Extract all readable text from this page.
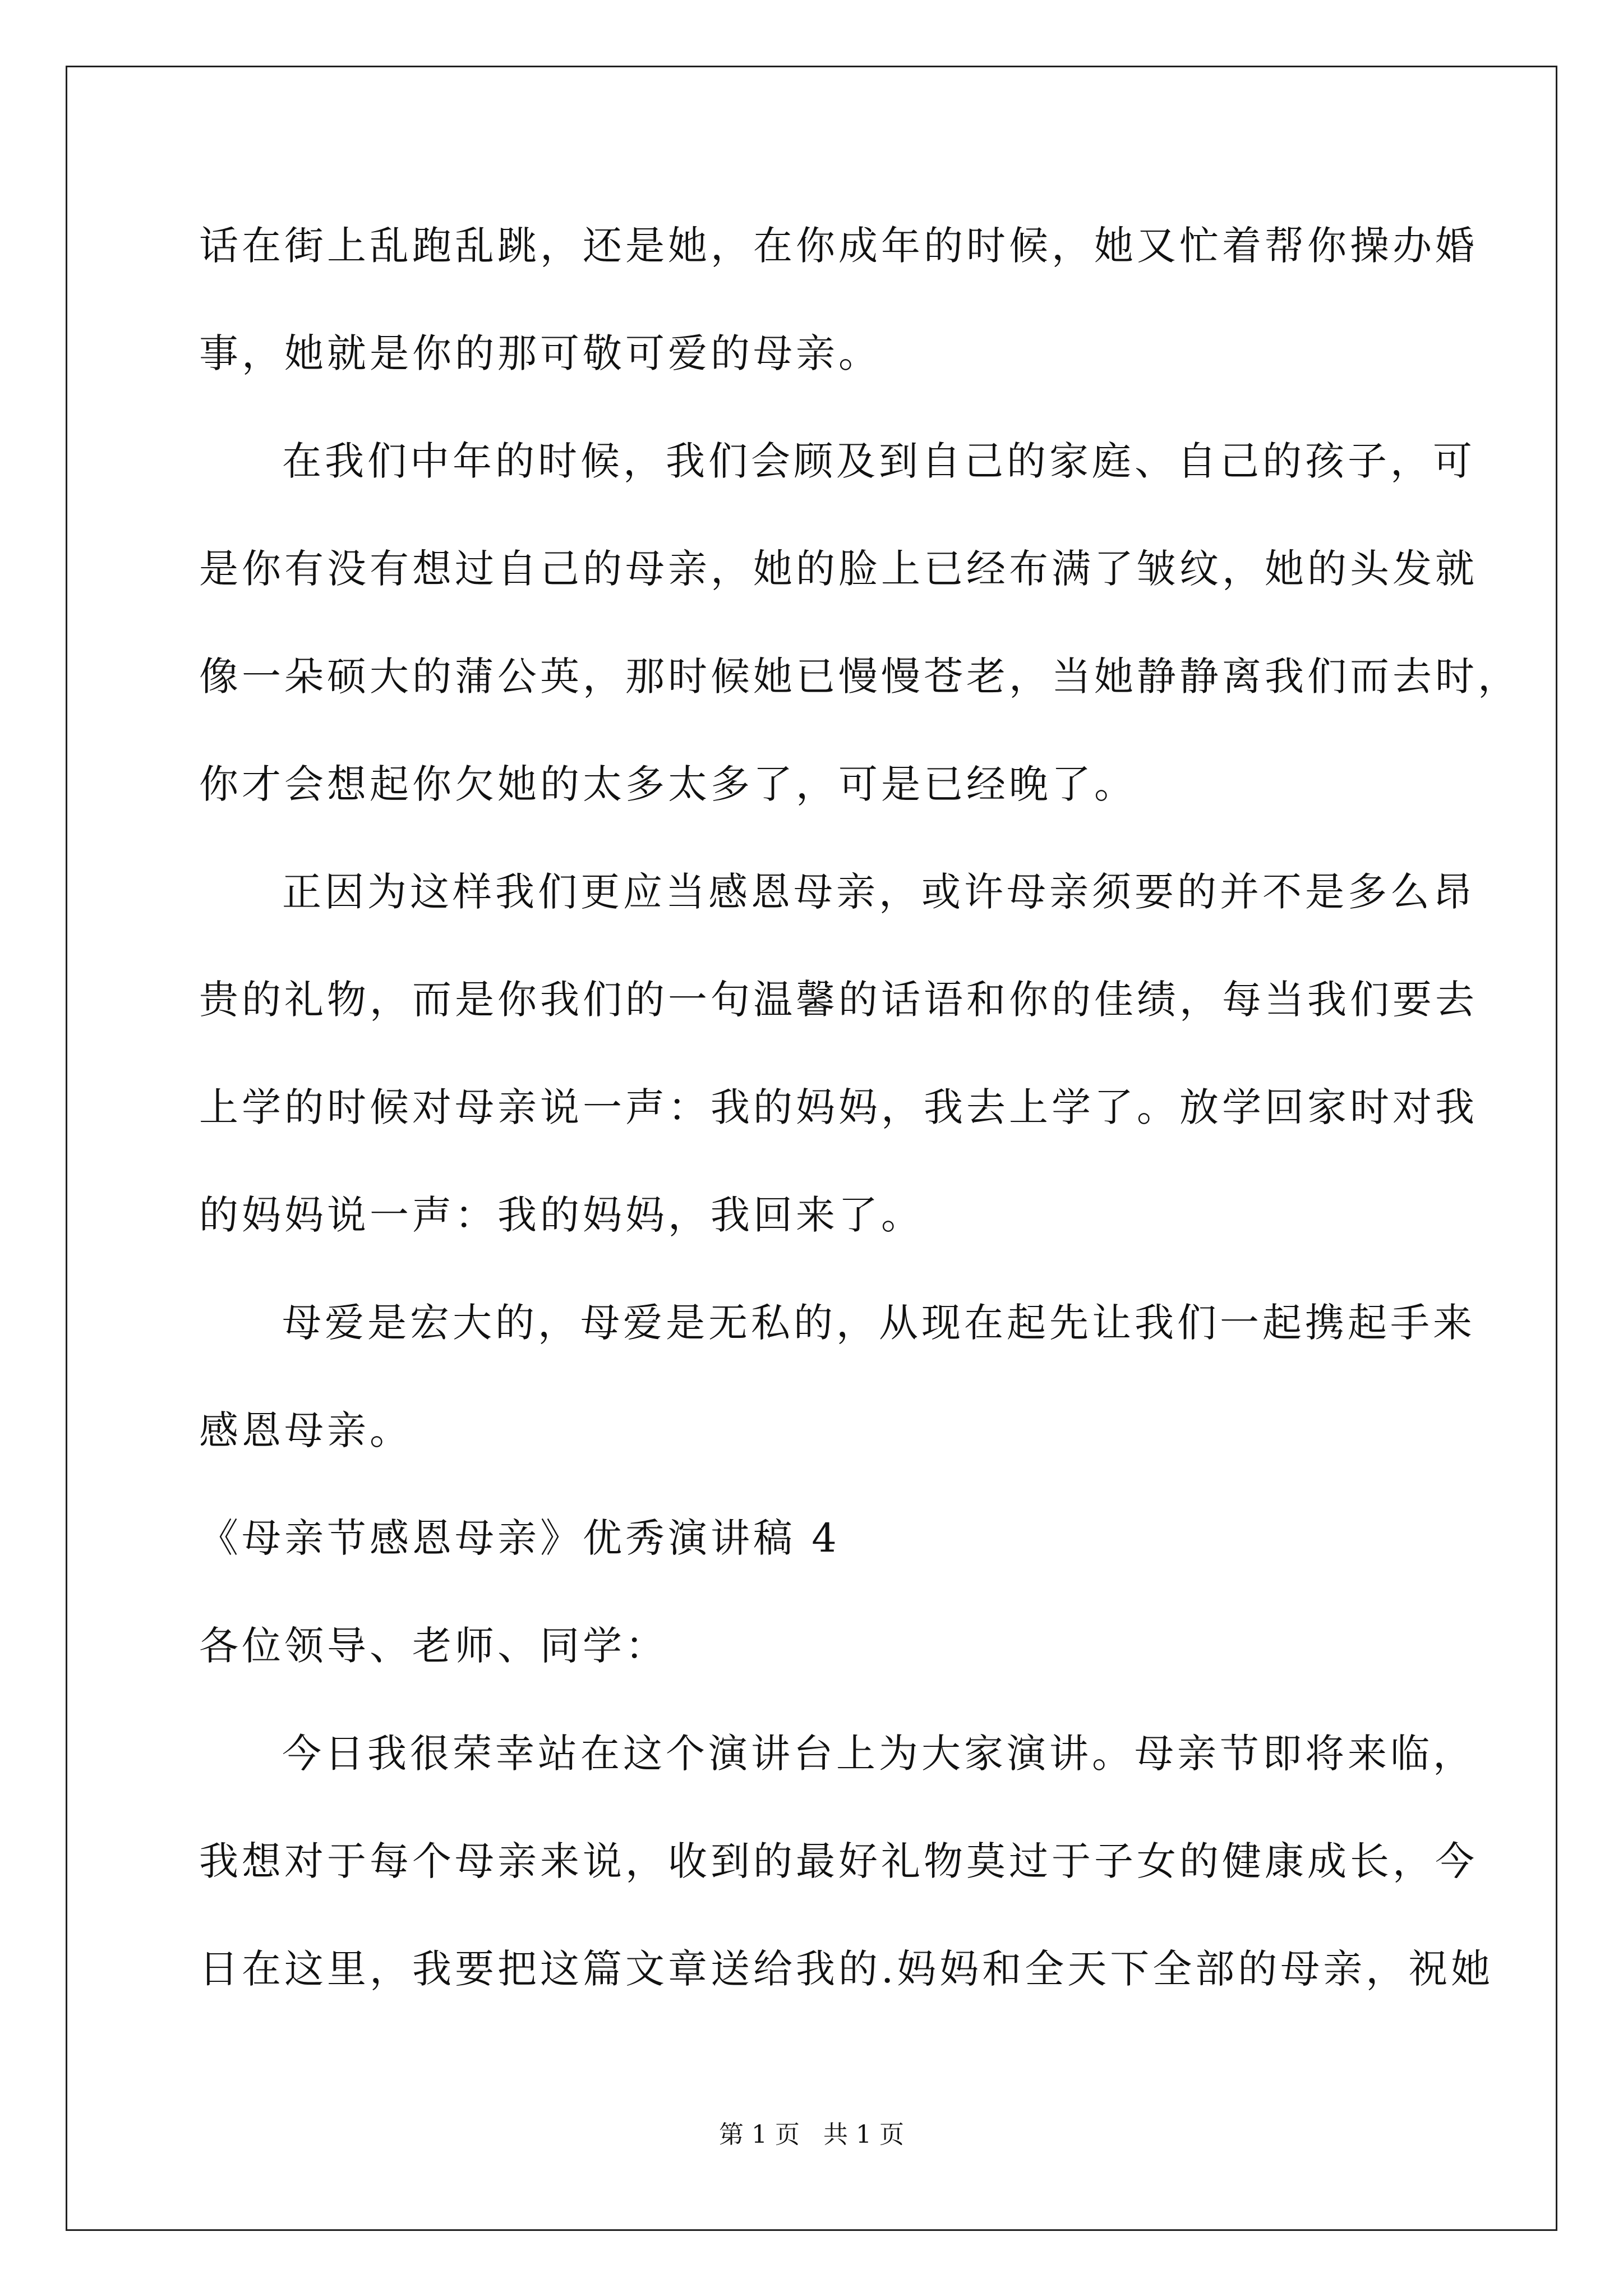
话在街上乱跑乱跳，还是她，在你成年的时候，她又忙着帮你操办婚
事，她就是你的那可敬可爱的母亲。
在我们中年的时候，我们会顾及到自己的家庭、自己的孩子，可
是你有没有想过自己的母亲，她的脸上已经布满了皱纹，她的头发就
像一朵硕大的蒲公英，那时候她已慢慢苍老，当她静静离我们而去时，
你才会想起你欠她的太多太多了，可是已经晚了。
正因为这样我们更应当感恩母亲，或许母亲须要的并不是多么昂
贵的礼物，而是你我们的一句温馨的话语和你的佳绩，每当我们要去
上学的时候对母亲说一声：我的妈妈，我去上学了。放学回家时对我
的妈妈说一声：我的妈妈，我回来了。
母爱是宏大的，母爱是无私的，从现在起先让我们一起携起手来
感恩母亲。
《母亲节感恩母亲》优秀演讲稿 4
各位领导、老师、同学：
今日我很荣幸站在这个演讲台上为大家演讲。母亲节即将来临，
我想对于每个母亲来说，收到的最好礼物莫过于子女的健康成长，今
日在这里，我要把这篇文章送给我的.妈妈和全天下全部的母亲，祝她
第 1 页   共 1 页
